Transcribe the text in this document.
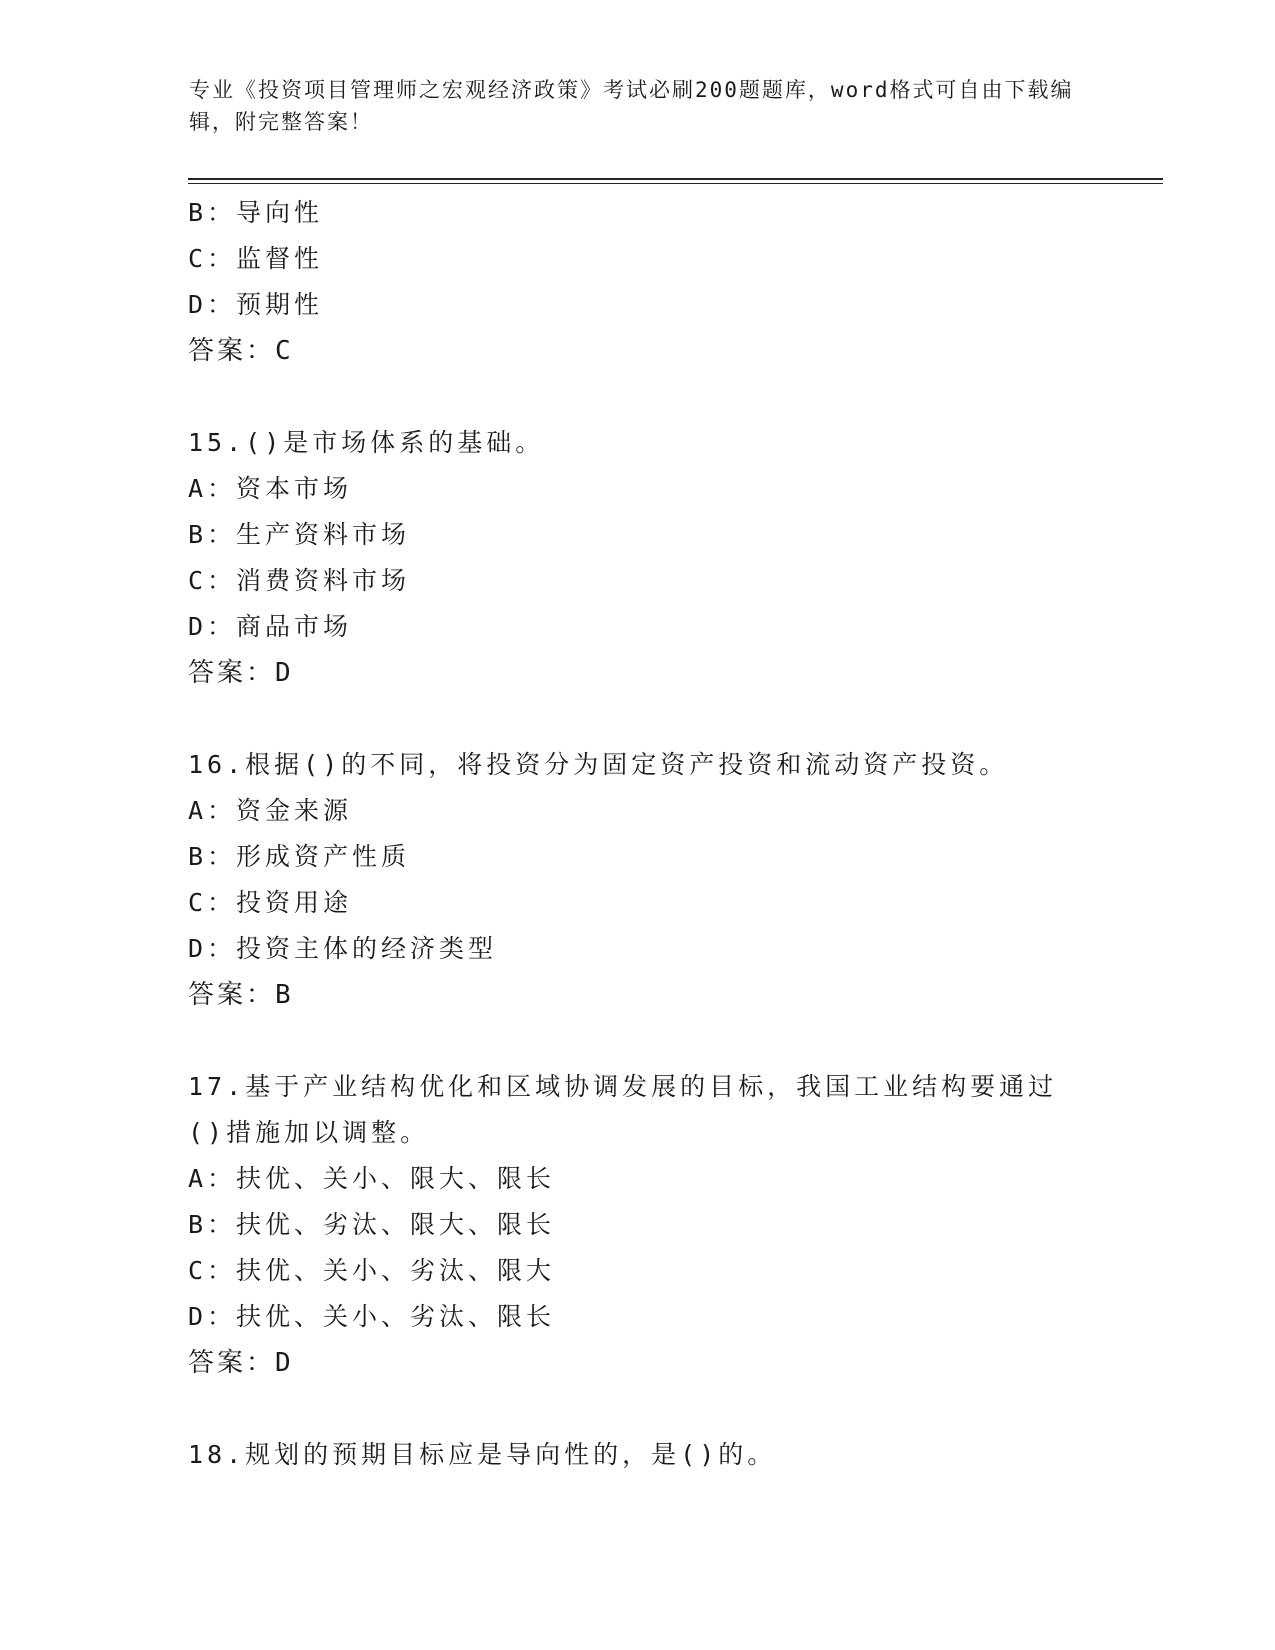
专业《投资项目管理师之宏观经济政策》考试必刷200题题库，word格式可自由下载编辑，附完整答案！
B：导向性
C：监督性
D：预期性
答案：C
15.()是市场体系的基础。
A：资本市场
B：生产资料市场
C：消费资料市场
D：商品市场
答案：D
16.根据()的不同，将投资分为固定资产投资和流动资产投资。
A：资金来源
B：形成资产性质
C：投资用途
D：投资主体的经济类型
答案：B
17.基于产业结构优化和区域协调发展的目标，我国工业结构要通过()措施加以调整。
A：扶优、关小、限大、限长
B：扶优、劣汰、限大、限长
C：扶优、关小、劣汰、限大
D：扶优、关小、劣汰、限长
答案：D
18.规划的预期目标应是导向性的，是()的。
